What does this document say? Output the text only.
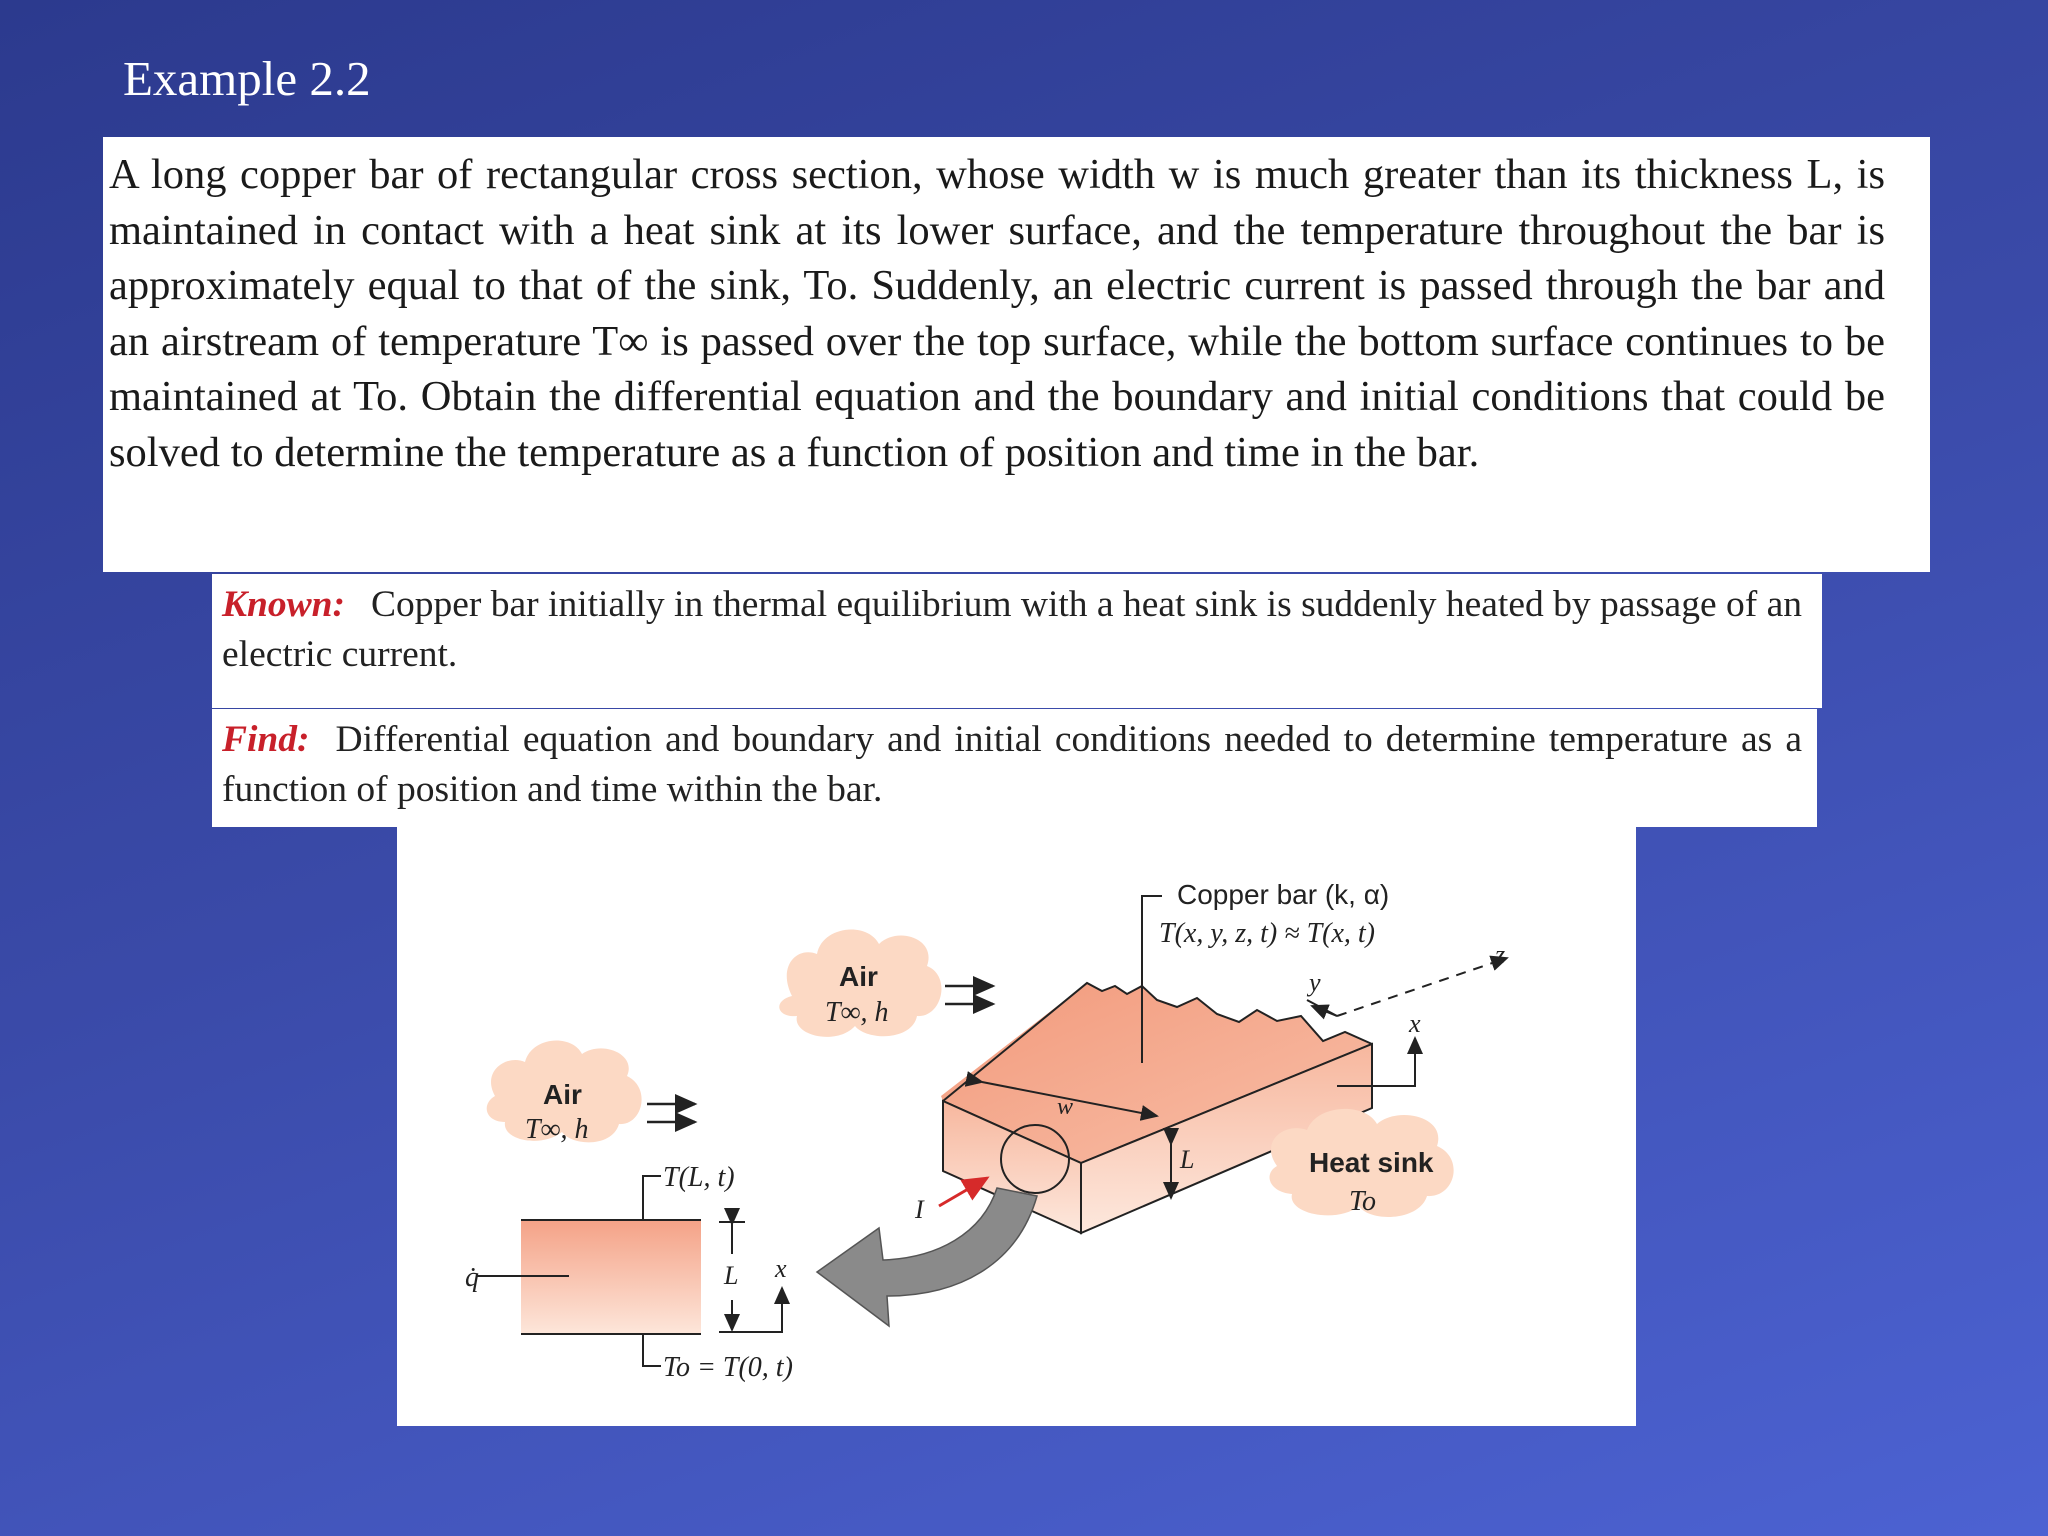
Example 2.2
A long copper bar of rectangular cross section, whose width w is much greater than its thickness L, is maintained in contact with a heat sink at its lower surface, and the temperature throughout the bar is approximately equal to that of the sink, To. Suddenly, an electric current is passed through the bar and an airstream of temperature T∞ is passed over the top surface, while the bottom surface continues to be maintained at To. Obtain the differential equation and the boundary and initial conditions that could be solved to determine the temperature as a function of position and time in the bar.
Known: Copper bar initially in thermal equilibrium with a heat sink is suddenly heated by passage of an electric current.
Find: Differential equation and boundary and initial conditions needed to determine temperature as a function of position and time within the bar.
w
L
Copper bar (k, α)
T(x, y, z, t) ≈ T(x, t)
y
z
x
Air
T∞, h
Air
T∞, h
Heat sink
To
I
q̇
T(L, t)
To = T(0, t)
L x
